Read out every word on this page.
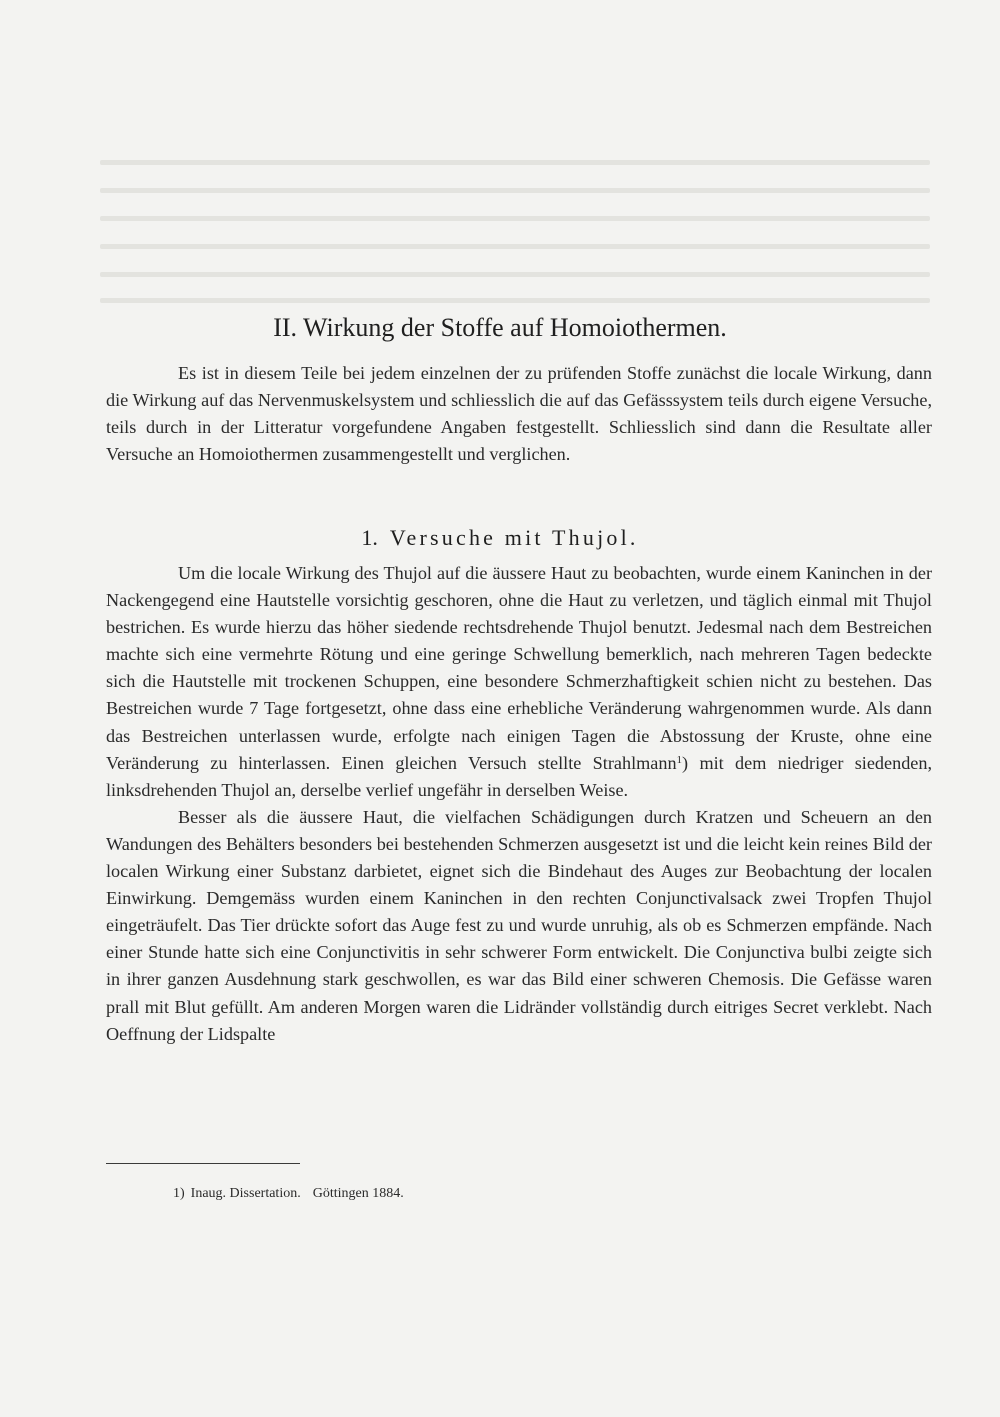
II. Wirkung der Stoffe auf Homoiothermen.

Es ist in diesem Teile bei jedem einzelnen der zu prüfenden Stoffe zunächst die locale Wirkung, dann die Wirkung auf das Nervenmuskelsystem und schliesslich die auf das Gefässsystem teils durch eigene Versuche, teils durch in der Litteratur vorgefundene Angaben festgestellt. Schliesslich sind dann die Resultate aller Versuche an Homoiothermen zusammengestellt und verglichen.

1. Versuche mit Thujol.

Um die locale Wirkung des Thujol auf die äussere Haut zu beobachten, wurde einem Kaninchen in der Nackengegend eine Hautstelle vorsichtig geschoren, ohne die Haut zu verletzen, und täglich einmal mit Thujol bestrichen. Es wurde hierzu das höher siedende rechtsdrehende Thujol benutzt. Jedesmal nach dem Bestreichen machte sich eine vermehrte Rötung und eine geringe Schwellung bemerklich, nach mehreren Tagen bedeckte sich die Hautstelle mit trockenen Schuppen, eine besondere Schmerzhaftigkeit schien nicht zu bestehen. Das Bestreichen wurde 7 Tage fortgesetzt, ohne dass eine erhebliche Veränderung wahrgenommen wurde. Als dann das Bestreichen unterlassen wurde, erfolgte nach einigen Tagen die Abstossung der Kruste, ohne eine Veränderung zu hinterlassen. Einen gleichen Versuch stellte Strahlmann$^1$) mit dem niedriger siedenden, linksdrehenden Thujol an, derselbe verlief ungefähr in derselben Weise.

Besser als die äussere Haut, die vielfachen Schädigungen durch Kratzen und Scheuern an den Wandungen des Behälters besonders bei bestehenden Schmerzen ausgesetzt ist und die leicht kein reines Bild der localen Wirkung einer Substanz darbietet, eignet sich die Bindehaut des Auges zur Beobachtung der localen Einwirkung. Demgemäss wurden einem Kaninchen in den rechten Conjunctivalsack zwei Tropfen Thujol eingeträufelt. Das Tier drückte sofort das Auge fest zu und wurde unruhig, als ob es Schmerzen empfände. Nach einer Stunde hatte sich eine Conjunctivitis in sehr schwerer Form entwickelt. Die Conjunctiva bulbi zeigte sich in ihrer ganzen Ausdehnung stark geschwollen, es war das Bild einer schweren Chemosis. Die Gefässe waren prall mit Blut gefüllt. Am anderen Morgen waren die Lidränder vollständig durch eitriges Secret verklebt. Nach Oeffnung der Lidspalte

1) Inaug. Dissertation. Göttingen 1884.
